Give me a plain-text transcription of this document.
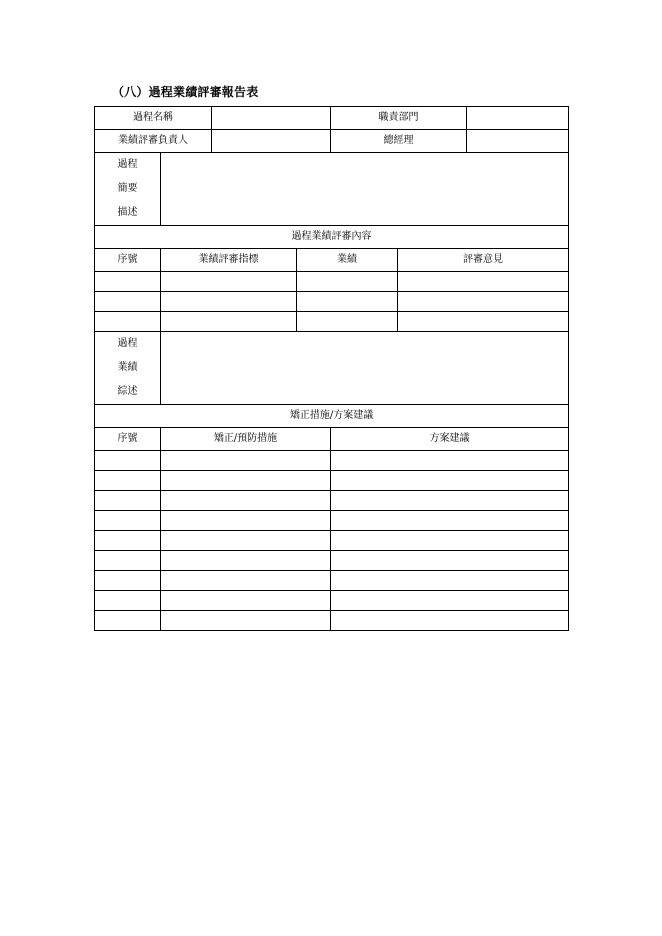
（八）過程業績評審報告表
過程名稱				職責部門		
業績評審負責人				總經理		

過程
簡要
描述						

過程業績評審內容						
序號	業績評審指標		業績		評審意見	

過程
業績
綜述						

矯正措施/方案建議						
序號	矯正/預防措施			方案建議		
